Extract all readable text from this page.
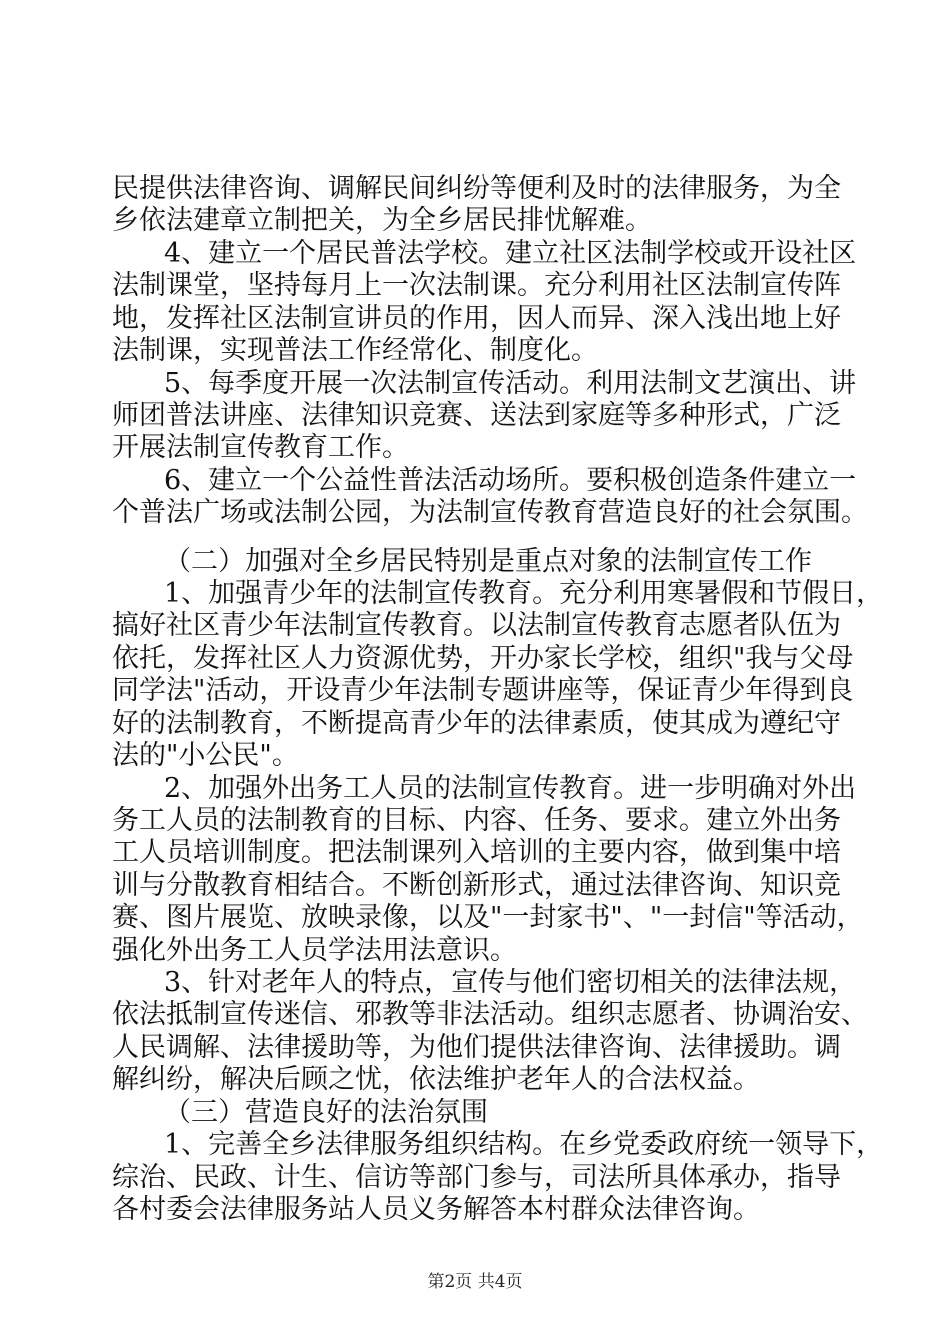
民提供法律咨询、调解民间纠纷等便利及时的法律服务，为全

乡依法建章立制把关，为全乡居民排忧解难。

4、建立一个居民普法学校。建立社区法制学校或开设社区

法制课堂，坚持每月上一次法制课。充分利用社区法制宣传阵

地，发挥社区法制宣讲员的作用，因人而异、深入浅出地上好

法制课，实现普法工作经常化、制度化。

5、每季度开展一次法制宣传活动。利用法制文艺演出、讲

师团普法讲座、法律知识竞赛、送法到家庭等多种形式，广泛

开展法制宣传教育工作。

6、建立一个公益性普法活动场所。要积极创造条件建立一

个普法广场或法制公园，为法制宣传教育营造良好的社会氛围。

（二）加强对全乡居民特别是重点对象的法制宣传工作

1、加强青少年的法制宣传教育。充分利用寒暑假和节假日，

搞好社区青少年法制宣传教育。以法制宣传教育志愿者队伍为

依托，发挥社区人力资源优势，开办家长学校，组织"我与父母

同学法"活动，开设青少年法制专题讲座等，保证青少年得到良

好的法制教育，不断提高青少年的法律素质，使其成为遵纪守

法的"小公民"。

2、加强外出务工人员的法制宣传教育。进一步明确对外出

务工人员的法制教育的目标、内容、任务、要求。建立外出务

工人员培训制度。把法制课列入培训的主要内容，做到集中培

训与分散教育相结合。不断创新形式，通过法律咨询、知识竞

赛、图片展览、放映录像，以及"一封家书"、"一封信"等活动，

强化外出务工人员学法用法意识。

3、针对老年人的特点，宣传与他们密切相关的法律法规，

依法抵制宣传迷信、邪教等非法活动。组织志愿者、协调治安、

人民调解、法律援助等，为他们提供法律咨询、法律援助。调

解纠纷，解决后顾之忧，依法维护老年人的合法权益。

（三）营造良好的法治氛围

1、完善全乡法律服务组织结构。在乡党委政府统一领导下，

综治、民政、计生、信访等部门参与，司法所具体承办，指导

各村委会法律服务站人员义务解答本村群众法律咨询。

第2页 共4页
